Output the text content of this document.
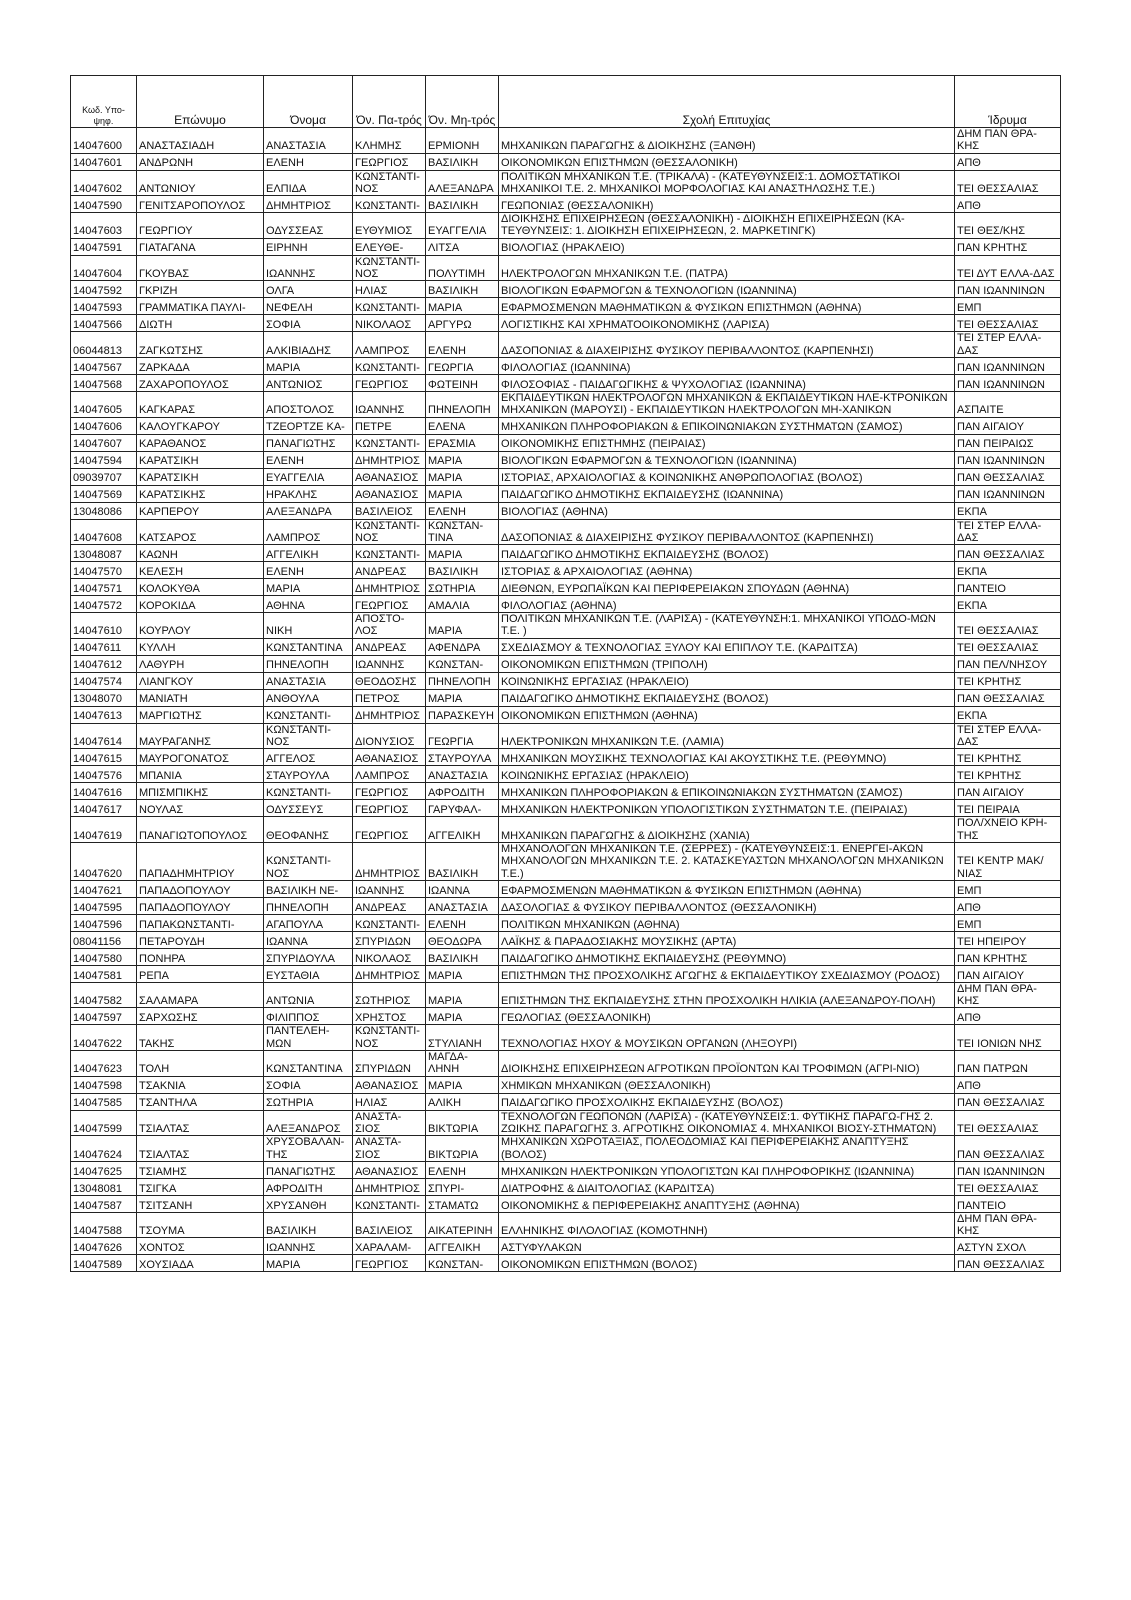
Κωδ. Υπο-ψηφ.	Επώνυμο	Όνομα	Όν. Πα-τρός	Όν. Μη-τρός	Σχολή Επιτυχίας	Ίδρυμα
14047600	ΑΝΑΣΤΑΣΙΑΔΗ	ΑΝΑΣΤΑΣΙΑ	ΚΛΗΜΗΣ	ΕΡΜΙΟΝΗ	ΜΗΧΑΝΙΚΩΝ ΠΑΡΑΓΩΓΗΣ & ΔΙΟΙΚΗΣΗΣ (ΞΑΝΘΗ)	ΔΗΜ ΠΑΝ ΘΡΑ-ΚΗΣ
14047601	ΑΝΔΡΩΝΗ	ΕΛΕΝΗ	ΓΕΩΡΓΙΟΣ	ΒΑΣΙΛΙΚΗ	ΟΙΚΟΝΟΜΙΚΩΝ ΕΠΙΣΤΗΜΩΝ (ΘΕΣΣΑΛΟΝΙΚΗ)	ΑΠΘ
14047602	ΑΝΤΩΝΙΟΥ	ΕΛΠΙΔΑ	ΚΩΝΣΤΑΝΤΙ-ΝΟΣ	ΑΛΕΞΑΝΔΡΑ	ΠΟΛΙΤΙΚΩΝ ΜΗΧΑΝΙΚΩΝ Τ.Ε. (ΤΡΙΚΑΛΑ) - (ΚΑΤΕΥΘΥΝΣΕΙΣ:1. ΔΟΜΟΣΤΑΤΙΚΟΙ ΜΗΧΑΝΙΚΟΙ Τ.Ε. 2. ΜΗΧΑΝΙΚΟΙ ΜΟΡΦΟΛΟΓΙΑΣ ΚΑΙ ΑΝΑΣΤΗΛΩΣΗΣ Τ.Ε.)	ΤΕΙ ΘΕΣΣΑΛΙΑΣ
14047590	ΓΕΝΙΤΣΑΡΟΠΟΥΛΟΣ	ΔΗΜΗΤΡΙΟΣ	ΚΩΝΣΤΑΝΤΙ-	ΒΑΣΙΛΙΚΗ	ΓΕΩΠΟΝΙΑΣ (ΘΕΣΣΑΛΟΝΙΚΗ)	ΑΠΘ
14047603	ΓΕΩΡΓΙΟΥ	ΟΔΥΣΣΕΑΣ	ΕΥΘΥΜΙΟΣ	ΕΥΑΓΓΕΛΙΑ	ΔΙΟΙΚΗΣΗΣ ΕΠΙΧΕΙΡΗΣΕΩΝ (ΘΕΣΣΑΛΟΝΙΚΗ) - ΔΙΟΙΚΗΣΗ ΕΠΙΧΕΙΡΗΣΕΩΝ (ΚΑ-ΤΕΥΘΥΝΣΕΙΣ: 1. ΔΙΟΙΚΗΣΗ ΕΠΙΧΕΙΡΗΣΕΩΝ, 2. ΜΑΡΚΕΤΙΝΓΚ)	ΤΕΙ ΘΕΣ/ΚΗΣ
14047591	ΓΙΑΤΑΓΑΝΑ	ΕΙΡΗΝΗ	ΕΛΕΥΘΕ-	ΛΙΤΣΑ	ΒΙΟΛΟΓΙΑΣ (ΗΡΑΚΛΕΙΟ)	ΠΑΝ ΚΡΗΤΗΣ
14047604	ΓΚΟΥΒΑΣ	ΙΩΑΝΝΗΣ	ΚΩΝΣΤΑΝΤΙ-ΝΟΣ	ΠΟΛΥΤΙΜΗ	ΗΛΕΚΤΡΟΛΟΓΩΝ ΜΗΧΑΝΙΚΩΝ Τ.Ε. (ΠΑΤΡΑ)	ΤΕΙ ΔΥΤ ΕΛΛΑ-ΔΑΣ
14047592	ΓΚΡΙΖΗ	ΟΛΓΑ	ΗΛΙΑΣ	ΒΑΣΙΛΙΚΗ	ΒΙΟΛΟΓΙΚΩΝ ΕΦΑΡΜΟΓΩΝ & ΤΕΧΝΟΛΟΓΙΩΝ (ΙΩΑΝΝΙΝΑ)	ΠΑΝ ΙΩΑΝΝΙΝΩΝ
14047593	ΓΡΑΜΜΑΤΙΚΑ ΠΑΥΛΙ-	ΝΕΦΕΛΗ	ΚΩΝΣΤΑΝΤΙ-	ΜΑΡΙΑ	ΕΦΑΡΜΟΣΜΕΝΩΝ ΜΑΘΗΜΑΤΙΚΩΝ & ΦΥΣΙΚΩΝ ΕΠΙΣΤΗΜΩΝ (ΑΘΗΝΑ)	ΕΜΠ
14047566	ΔΙΩΤΗ	ΣΟΦΙΑ	ΝΙΚΟΛΑΟΣ	ΑΡΓΥΡΩ	ΛΟΓΙΣΤΙΚΗΣ ΚΑΙ ΧΡΗΜΑΤΟΟΙΚΟΝΟΜΙΚΗΣ (ΛΑΡΙΣΑ)	ΤΕΙ ΘΕΣΣΑΛΙΑΣ
06044813	ΖΑΓΚΩΤΣΗΣ	ΑΛΚΙΒΙΑΔΗΣ	ΛΑΜΠΡΟΣ	ΕΛΕΝΗ	ΔΑΣΟΠΟΝΙΑΣ & ΔΙΑΧΕΙΡΙΣΗΣ ΦΥΣΙΚΟΥ ΠΕΡΙΒΑΛΛΟΝΤΟΣ (ΚΑΡΠΕΝΗΣΙ)	ΤΕΙ ΣΤΕΡ ΕΛΛΑ-ΔΑΣ
14047567	ΖΑΡΚΑΔΑ	ΜΑΡΙΑ	ΚΩΝΣΤΑΝΤΙ-	ΓΕΩΡΓΙΑ	ΦΙΛΟΛΟΓΙΑΣ (ΙΩΑΝΝΙΝΑ)	ΠΑΝ ΙΩΑΝΝΙΝΩΝ
14047568	ΖΑΧΑΡΟΠΟΥΛΟΣ	ΑΝΤΩΝΙΟΣ	ΓΕΩΡΓΙΟΣ	ΦΩΤΕΙΝΗ	ΦΙΛΟΣΟΦΙΑΣ - ΠΑΙΔΑΓΩΓΙΚΗΣ & ΨΥΧΟΛΟΓΙΑΣ (ΙΩΑΝΝΙΝΑ)	ΠΑΝ ΙΩΑΝΝΙΝΩΝ
14047605	ΚΑΓΚΑΡΑΣ	ΑΠΟΣΤΟΛΟΣ	ΙΩΑΝΝΗΣ	ΠΗΝΕΛΟΠΗ	ΕΚΠΑΙΔΕΥΤΙΚΩΝ ΗΛΕΚΤΡΟΛΟΓΩΝ ΜΗΧΑΝΙΚΩΝ & ΕΚΠΑΙΔΕΥΤΙΚΩΝ ΗΛΕ-ΚΤΡΟΝΙΚΩΝ ΜΗΧΑΝΙΚΩΝ (ΜΑΡΟΥΣΙ) - ΕΚΠΑΙΔΕΥΤΙΚΩΝ ΗΛΕΚΤΡΟΛΟΓΩΝ ΜΗ-ΧΑΝΙΚΩΝ	ΑΣΠΑΙΤΕ
14047606	ΚΑΛΟΥΓΚΑΡΟΥ	ΤΖΕΟΡΤΖΕ ΚΑ-	ΠΕΤΡΕ	ΕΛΕΝΑ	ΜΗΧΑΝΙΚΩΝ ΠΛΗΡΟΦΟΡΙΑΚΩΝ & ΕΠΙΚΟΙΝΩΝΙΑΚΩΝ ΣΥΣΤΗΜΑΤΩΝ (ΣΑΜΟΣ)	ΠΑΝ ΑΙΓΑΙΟΥ
14047607	ΚΑΡΑΘΑΝΟΣ	ΠΑΝΑΓΙΩΤΗΣ	ΚΩΝΣΤΑΝΤΙ-	ΕΡΑΣΜΙΑ	ΟΙΚΟΝΟΜΙΚΗΣ ΕΠΙΣΤΗΜΗΣ (ΠΕΙΡΑΙΑΣ)	ΠΑΝ ΠΕΙΡΑΙΩΣ
14047594	ΚΑΡΑΤΣΙΚΗ	ΕΛΕΝΗ	ΔΗΜΗΤΡΙΟΣ	ΜΑΡΙΑ	ΒΙΟΛΟΓΙΚΩΝ ΕΦΑΡΜΟΓΩΝ & ΤΕΧΝΟΛΟΓΙΩΝ (ΙΩΑΝΝΙΝΑ)	ΠΑΝ ΙΩΑΝΝΙΝΩΝ
09039707	ΚΑΡΑΤΣΙΚΗ	ΕΥΑΓΓΕΛΙΑ	ΑΘΑΝΑΣΙΟΣ	ΜΑΡΙΑ	ΙΣΤΟΡΙΑΣ, ΑΡΧΑΙΟΛΟΓΙΑΣ & ΚΟΙΝΩΝΙΚΗΣ ΑΝΘΡΩΠΟΛΟΓΙΑΣ (ΒΟΛΟΣ)	ΠΑΝ ΘΕΣΣΑΛΙΑΣ
14047569	ΚΑΡΑΤΣΙΚΗΣ	ΗΡΑΚΛΗΣ	ΑΘΑΝΑΣΙΟΣ	ΜΑΡΙΑ	ΠΑΙΔΑΓΩΓΙΚΟ ΔΗΜΟΤΙΚΗΣ ΕΚΠΑΙΔΕΥΣΗΣ (ΙΩΑΝΝΙΝΑ)	ΠΑΝ ΙΩΑΝΝΙΝΩΝ
13048086	ΚΑΡΠΕΡΟΥ	ΑΛΕΞΑΝΔΡΑ	ΒΑΣΙΛΕΙΟΣ	ΕΛΕΝΗ	ΒΙΟΛΟΓΙΑΣ (ΑΘΗΝΑ)	ΕΚΠΑ
14047608	ΚΑΤΣΑΡΟΣ	ΛΑΜΠΡΟΣ	ΚΩΝΣΤΑΝΤΙ-ΝΟΣ	ΚΩΝΣΤΑΝ-ΤΙΝΑ	ΔΑΣΟΠΟΝΙΑΣ & ΔΙΑΧΕΙΡΙΣΗΣ ΦΥΣΙΚΟΥ ΠΕΡΙΒΑΛΛΟΝΤΟΣ (ΚΑΡΠΕΝΗΣΙ)	ΤΕΙ ΣΤΕΡ ΕΛΛΑ-ΔΑΣ
13048087	ΚΑΩΝΗ	ΑΓΓΕΛΙΚΗ	ΚΩΝΣΤΑΝΤΙ-	ΜΑΡΙΑ	ΠΑΙΔΑΓΩΓΙΚΟ ΔΗΜΟΤΙΚΗΣ ΕΚΠΑΙΔΕΥΣΗΣ (ΒΟΛΟΣ)	ΠΑΝ ΘΕΣΣΑΛΙΑΣ
14047570	ΚΕΛΕΣΗ	ΕΛΕΝΗ	ΑΝΔΡΕΑΣ	ΒΑΣΙΛΙΚΗ	ΙΣΤΟΡΙΑΣ & ΑΡΧΑΙΟΛΟΓΙΑΣ (ΑΘΗΝΑ)	ΕΚΠΑ
14047571	ΚΟΛΟΚΥΘΑ	ΜΑΡΙΑ	ΔΗΜΗΤΡΙΟΣ	ΣΩΤΗΡΙΑ	ΔΙΕΘΝΩΝ, ΕΥΡΩΠΑΪΚΩΝ ΚΑΙ ΠΕΡΙΦΕΡΕΙΑΚΩΝ ΣΠΟΥΔΩΝ (ΑΘΗΝΑ)	ΠΑΝΤΕΙΟ
14047572	ΚΟΡΟΚΙΔΑ	ΑΘΗΝΑ	ΓΕΩΡΓΙΟΣ	ΑΜΑΛΙΑ	ΦΙΛΟΛΟΓΙΑΣ (ΑΘΗΝΑ)	ΕΚΠΑ
14047610	ΚΟΥΡΛΟΥ	ΝΙΚΗ	ΑΠΟΣΤΟ-ΛΟΣ	ΜΑΡΙΑ	ΠΟΛΙΤΙΚΩΝ ΜΗΧΑΝΙΚΩΝ Τ.Ε. (ΛΑΡΙΣΑ) - (ΚΑΤΕΥΘΥΝΣΗ:1. ΜΗΧΑΝΙΚΟΙ ΥΠΟΔΟ-ΜΩΝ Τ.Ε. )	ΤΕΙ ΘΕΣΣΑΛΙΑΣ
14047611	ΚΥΛΛΗ	ΚΩΝΣΤΑΝΤΙΝΑ	ΑΝΔΡΕΑΣ	ΑΦΕΝΔΡΑ	ΣΧΕΔΙΑΣΜΟΥ & ΤΕΧΝΟΛΟΓΙΑΣ ΞΥΛΟΥ ΚΑΙ ΕΠΙΠΛΟΥ Τ.Ε. (ΚΑΡΔΙΤΣΑ)	ΤΕΙ ΘΕΣΣΑΛΙΑΣ
14047612	ΛΑΘΥΡΗ	ΠΗΝΕΛΟΠΗ	ΙΩΑΝΝΗΣ	ΚΩΝΣΤΑΝ-	ΟΙΚΟΝΟΜΙΚΩΝ ΕΠΙΣΤΗΜΩΝ (ΤΡΙΠΟΛΗ)	ΠΑΝ ΠΕΛ/ΝΗΣΟΥ
14047574	ΛΙΑΝΓΚΟΥ	ΑΝΑΣΤΑΣΙΑ	ΘΕΟΔΟΣΗΣ	ΠΗΝΕΛΟΠΗ	ΚΟΙΝΩΝΙΚΗΣ ΕΡΓΑΣΙΑΣ (ΗΡΑΚΛΕΙΟ)	ΤΕΙ ΚΡΗΤΗΣ
13048070	ΜΑΝΙΑΤΗ	ΑΝΘΟΥΛΑ	ΠΕΤΡΟΣ	ΜΑΡΙΑ	ΠΑΙΔΑΓΩΓΙΚΟ ΔΗΜΟΤΙΚΗΣ ΕΚΠΑΙΔΕΥΣΗΣ (ΒΟΛΟΣ)	ΠΑΝ ΘΕΣΣΑΛΙΑΣ
14047613	ΜΑΡΓΙΩΤΗΣ	ΚΩΝΣΤΑΝΤΙ-	ΔΗΜΗΤΡΙΟΣ	ΠΑΡΑΣΚΕΥΗ	ΟΙΚΟΝΟΜΙΚΩΝ ΕΠΙΣΤΗΜΩΝ (ΑΘΗΝΑ)	ΕΚΠΑ
14047614	ΜΑΥΡΑΓΑΝΗΣ	ΚΩΝΣΤΑΝΤΙ-ΝΟΣ	ΔΙΟΝΥΣΙΟΣ	ΓΕΩΡΓΙΑ	ΗΛΕΚΤΡΟΝΙΚΩΝ ΜΗΧΑΝΙΚΩΝ Τ.Ε. (ΛΑΜΙΑ)	ΤΕΙ ΣΤΕΡ ΕΛΛΑ-ΔΑΣ
14047615	ΜΑΥΡΟΓΟΝΑΤΟΣ	ΑΓΓΕΛΟΣ	ΑΘΑΝΑΣΙΟΣ	ΣΤΑΥΡΟΥΛΑ	ΜΗΧΑΝΙΚΩΝ ΜΟΥΣΙΚΗΣ ΤΕΧΝΟΛΟΓΙΑΣ ΚΑΙ ΑΚΟΥΣΤΙΚΗΣ Τ.Ε. (ΡΕΘΥΜΝΟ)	ΤΕΙ ΚΡΗΤΗΣ
14047576	ΜΠΑΝΙΑ	ΣΤΑΥΡΟΥΛΑ	ΛΑΜΠΡΟΣ	ΑΝΑΣΤΑΣΙΑ	ΚΟΙΝΩΝΙΚΗΣ ΕΡΓΑΣΙΑΣ (ΗΡΑΚΛΕΙΟ)	ΤΕΙ ΚΡΗΤΗΣ
14047616	ΜΠΙΣΜΠΙΚΗΣ	ΚΩΝΣΤΑΝΤΙ-	ΓΕΩΡΓΙΟΣ	ΑΦΡΟΔΙΤΗ	ΜΗΧΑΝΙΚΩΝ ΠΛΗΡΟΦΟΡΙΑΚΩΝ & ΕΠΙΚΟΙΝΩΝΙΑΚΩΝ ΣΥΣΤΗΜΑΤΩΝ (ΣΑΜΟΣ)	ΠΑΝ ΑΙΓΑΙΟΥ
14047617	ΝΟΥΛΑΣ	ΟΔΥΣΣΕΥΣ	ΓΕΩΡΓΙΟΣ	ΓΑΡΥΦΑΛ-	ΜΗΧΑΝΙΚΩΝ ΗΛΕΚΤΡΟΝΙΚΩΝ ΥΠΟΛΟΓΙΣΤΙΚΩΝ ΣΥΣΤΗΜΑΤΩΝ Τ.Ε. (ΠΕΙΡΑΙΑΣ)	ΤΕΙ ΠΕΙΡΑΙΑ
14047619	ΠΑΝΑΓΙΩΤΟΠΟΥΛΟΣ	ΘΕΟΦΑΝΗΣ	ΓΕΩΡΓΙΟΣ	ΑΓΓΕΛΙΚΗ	ΜΗΧΑΝΙΚΩΝ ΠΑΡΑΓΩΓΗΣ & ΔΙΟΙΚΗΣΗΣ (ΧΑΝΙΑ)	ΠΟΛ/ΧΝΕΙΟ ΚΡΗ-ΤΗΣ
14047620	ΠΑΠΑΔΗΜΗΤΡΙΟΥ	ΚΩΝΣΤΑΝΤΙ-ΝΟΣ	ΔΗΜΗΤΡΙΟΣ	ΒΑΣΙΛΙΚΗ	ΜΗΧΑΝΟΛΟΓΩΝ ΜΗΧΑΝΙΚΩΝ Τ.Ε. (ΣΕΡΡΕΣ) - (ΚΑΤΕΥΘΥΝΣΕΙΣ:1. ΕΝΕΡΓΕΙ-ΑΚΩΝ ΜΗΧΑΝΟΛΟΓΩΝ ΜΗΧΑΝΙΚΩΝ Τ.Ε. 2. ΚΑΤΑΣΚΕΥΑΣΤΩΝ ΜΗΧΑΝΟΛΟΓΩΝ ΜΗΧΑΝΙΚΩΝ Τ.Ε.)	ΤΕΙ ΚΕΝΤΡ ΜΑΚ/ΝΙΑΣ
14047621	ΠΑΠΑΔΟΠΟΥΛΟΥ	ΒΑΣΙΛΙΚΗ ΝΕ-	ΙΩΑΝΝΗΣ	ΙΩΑΝΝΑ	ΕΦΑΡΜΟΣΜΕΝΩΝ ΜΑΘΗΜΑΤΙΚΩΝ & ΦΥΣΙΚΩΝ ΕΠΙΣΤΗΜΩΝ (ΑΘΗΝΑ)	ΕΜΠ
14047595	ΠΑΠΑΔΟΠΟΥΛΟΥ	ΠΗΝΕΛΟΠΗ	ΑΝΔΡΕΑΣ	ΑΝΑΣΤΑΣΙΑ	ΔΑΣΟΛΟΓΙΑΣ & ΦΥΣΙΚΟΥ ΠΕΡΙΒΑΛΛΟΝΤΟΣ (ΘΕΣΣΑΛΟΝΙΚΗ)	ΑΠΘ
14047596	ΠΑΠΑΚΩΝΣΤΑΝΤΙ-	ΑΓΑΠΟΥΛΑ	ΚΩΝΣΤΑΝΤΙ-	ΕΛΕΝΗ	ΠΟΛΙΤΙΚΩΝ ΜΗΧΑΝΙΚΩΝ (ΑΘΗΝΑ)	ΕΜΠ
08041156	ΠΕΤΑΡΟΥΔΗ	ΙΩΑΝΝΑ	ΣΠΥΡΙΔΩΝ	ΘΕΟΔΩΡΑ	ΛΑΪΚΗΣ & ΠΑΡΑΔΟΣΙΑΚΗΣ ΜΟΥΣΙΚΗΣ (ΑΡΤΑ)	ΤΕΙ ΗΠΕΙΡΟΥ
14047580	ΠΟΝΗΡΑ	ΣΠΥΡΙΔΟΥΛΑ	ΝΙΚΟΛΑΟΣ	ΒΑΣΙΛΙΚΗ	ΠΑΙΔΑΓΩΓΙΚΟ ΔΗΜΟΤΙΚΗΣ ΕΚΠΑΙΔΕΥΣΗΣ (ΡΕΘΥΜΝΟ)	ΠΑΝ ΚΡΗΤΗΣ
14047581	ΡΕΠΑ	ΕΥΣΤΑΘΙΑ	ΔΗΜΗΤΡΙΟΣ	ΜΑΡΙΑ	ΕΠΙΣΤΗΜΩΝ ΤΗΣ ΠΡΟΣΧΟΛΙΚΗΣ ΑΓΩΓΗΣ & ΕΚΠΑΙΔΕΥΤΙΚΟΥ ΣΧΕΔΙΑΣΜΟΥ (ΡΟΔΟΣ)	ΠΑΝ ΑΙΓΑΙΟΥ
14047582	ΣΑΛΑΜΑΡΑ	ΑΝΤΩΝΙΑ	ΣΩΤΗΡΙΟΣ	ΜΑΡΙΑ	ΕΠΙΣΤΗΜΩΝ ΤΗΣ ΕΚΠΑΙΔΕΥΣΗΣ ΣΤΗΝ ΠΡΟΣΧΟΛΙΚΗ ΗΛΙΚΙΑ (ΑΛΕΞΑΝΔΡΟΥ-ΠΟΛΗ)	ΔΗΜ ΠΑΝ ΘΡΑ-ΚΗΣ
14047597	ΣΑΡΧΩΣΗΣ	ΦΙΛΙΠΠΟΣ	ΧΡΗΣΤΟΣ	ΜΑΡΙΑ	ΓΕΩΛΟΓΙΑΣ (ΘΕΣΣΑΛΟΝΙΚΗ)	ΑΠΘ
14047622	ΤΑΚΗΣ	ΠΑΝΤΕΛΕΗ-ΜΩΝ	ΚΩΝΣΤΑΝΤΙ-ΝΟΣ	ΣΤΥΛΙΑΝΗ	ΤΕΧΝΟΛΟΓΙΑΣ ΗΧΟΥ & ΜΟΥΣΙΚΩΝ ΟΡΓΑΝΩΝ (ΛΗΞΟΥΡΙ)	ΤΕΙ ΙΟΝΙΩΝ ΝΗΣ
14047623	ΤΟΛΗ	ΚΩΝΣΤΑΝΤΙΝΑ	ΣΠΥΡΙΔΩΝ	ΜΑΓΔΑ-ΛΗΝΗ	ΔΙΟΙΚΗΣΗΣ ΕΠΙΧΕΙΡΗΣΕΩΝ ΑΓΡΟΤΙΚΩΝ ΠΡΟΪΟΝΤΩΝ ΚΑΙ ΤΡΟΦΙΜΩΝ (ΑΓΡΙ-ΝΙΟ)	ΠΑΝ ΠΑΤΡΩΝ
14047598	ΤΣΑΚΝΙΑ	ΣΟΦΙΑ	ΑΘΑΝΑΣΙΟΣ	ΜΑΡΙΑ	ΧΗΜΙΚΩΝ ΜΗΧΑΝΙΚΩΝ (ΘΕΣΣΑΛΟΝΙΚΗ)	ΑΠΘ
14047585	ΤΣΑΝΤΗΛΑ	ΣΩΤΗΡΙΑ	ΗΛΙΑΣ	ΑΛΙΚΗ	ΠΑΙΔΑΓΩΓΙΚΟ ΠΡΟΣΧΟΛΙΚΗΣ ΕΚΠΑΙΔΕΥΣΗΣ (ΒΟΛΟΣ)	ΠΑΝ ΘΕΣΣΑΛΙΑΣ
14047599	ΤΣΙΑΛΤΑΣ	ΑΛΕΞΑΝΔΡΟΣ	ΑΝΑΣΤΑ-ΣΙΟΣ	ΒΙΚΤΩΡΙΑ	ΤΕΧΝΟΛΟΓΩΝ ΓΕΩΠΟΝΩΝ (ΛΑΡΙΣΑ) - (ΚΑΤΕΥΘΥΝΣΕΙΣ:1. ΦΥΤΙΚΗΣ ΠΑΡΑΓΩ-ΓΗΣ 2. ΖΩΙΚΗΣ ΠΑΡΑΓΩΓΗΣ 3. ΑΓΡΟΤΙΚΗΣ ΟΙΚΟΝΟΜΙΑΣ 4. ΜΗΧΑΝΙΚΟΙ ΒΙΟΣΥ-ΣΤΗΜΑΤΩΝ)	ΤΕΙ ΘΕΣΣΑΛΙΑΣ
14047624	ΤΣΙΑΛΤΑΣ	ΧΡΥΣΟΒΑΛΑΝ-ΤΗΣ	ΑΝΑΣΤΑ-ΣΙΟΣ	ΒΙΚΤΩΡΙΑ	ΜΗΧΑΝΙΚΩΝ ΧΩΡΟΤΑΞΙΑΣ, ΠΟΛΕΟΔΟΜΙΑΣ ΚΑΙ ΠΕΡΙΦΕΡΕΙΑΚΗΣ ΑΝΑΠΤΥΞΗΣ (ΒΟΛΟΣ)	ΠΑΝ ΘΕΣΣΑΛΙΑΣ
14047625	ΤΣΙΑΜΗΣ	ΠΑΝΑΓΙΩΤΗΣ	ΑΘΑΝΑΣΙΟΣ	ΕΛΕΝΗ	ΜΗΧΑΝΙΚΩΝ ΗΛΕΚΤΡΟΝΙΚΩΝ ΥΠΟΛΟΓΙΣΤΩΝ ΚΑΙ ΠΛΗΡΟΦΟΡΙΚΗΣ (ΙΩΑΝΝΙΝΑ)	ΠΑΝ ΙΩΑΝΝΙΝΩΝ
13048081	ΤΣΙΓΚΑ	ΑΦΡΟΔΙΤΗ	ΔΗΜΗΤΡΙΟΣ	ΣΠΥΡΙ-	ΔΙΑΤΡΟΦΗΣ & ΔΙΑΙΤΟΛΟΓΙΑΣ (ΚΑΡΔΙΤΣΑ)	ΤΕΙ ΘΕΣΣΑΛΙΑΣ
14047587	ΤΣΙΤΣΑΝΗ	ΧΡΥΣΑΝΘΗ	ΚΩΝΣΤΑΝΤΙ-	ΣΤΑΜΑΤΩ	ΟΙΚΟΝΟΜΙΚΗΣ & ΠΕΡΙΦΕΡΕΙΑΚΗΣ ΑΝΑΠΤΥΞΗΣ (ΑΘΗΝΑ)	ΠΑΝΤΕΙΟ
14047588	ΤΣΟΥΜΑ	ΒΑΣΙΛΙΚΗ	ΒΑΣΙΛΕΙΟΣ	ΑΙΚΑΤΕΡΙΝΗ	ΕΛΛΗΝΙΚΗΣ ΦΙΛΟΛΟΓΙΑΣ (ΚΟΜΟΤΗΝΗ)	ΔΗΜ ΠΑΝ ΘΡΑ-ΚΗΣ
14047626	ΧΟΝΤΟΣ	ΙΩΑΝΝΗΣ	ΧΑΡΑΛΑΜ-	ΑΓΓΕΛΙΚΗ	ΑΣΤΥΦΥΛΑΚΩΝ	ΑΣΤΥΝ ΣΧΟΛ
14047589	ΧΟΥΣΙΑΔΑ	ΜΑΡΙΑ	ΓΕΩΡΓΙΟΣ	ΚΩΝΣΤΑΝ-	ΟΙΚΟΝΟΜΙΚΩΝ ΕΠΙΣΤΗΜΩΝ (ΒΟΛΟΣ)	ΠΑΝ ΘΕΣΣΑΛΙΑΣ
